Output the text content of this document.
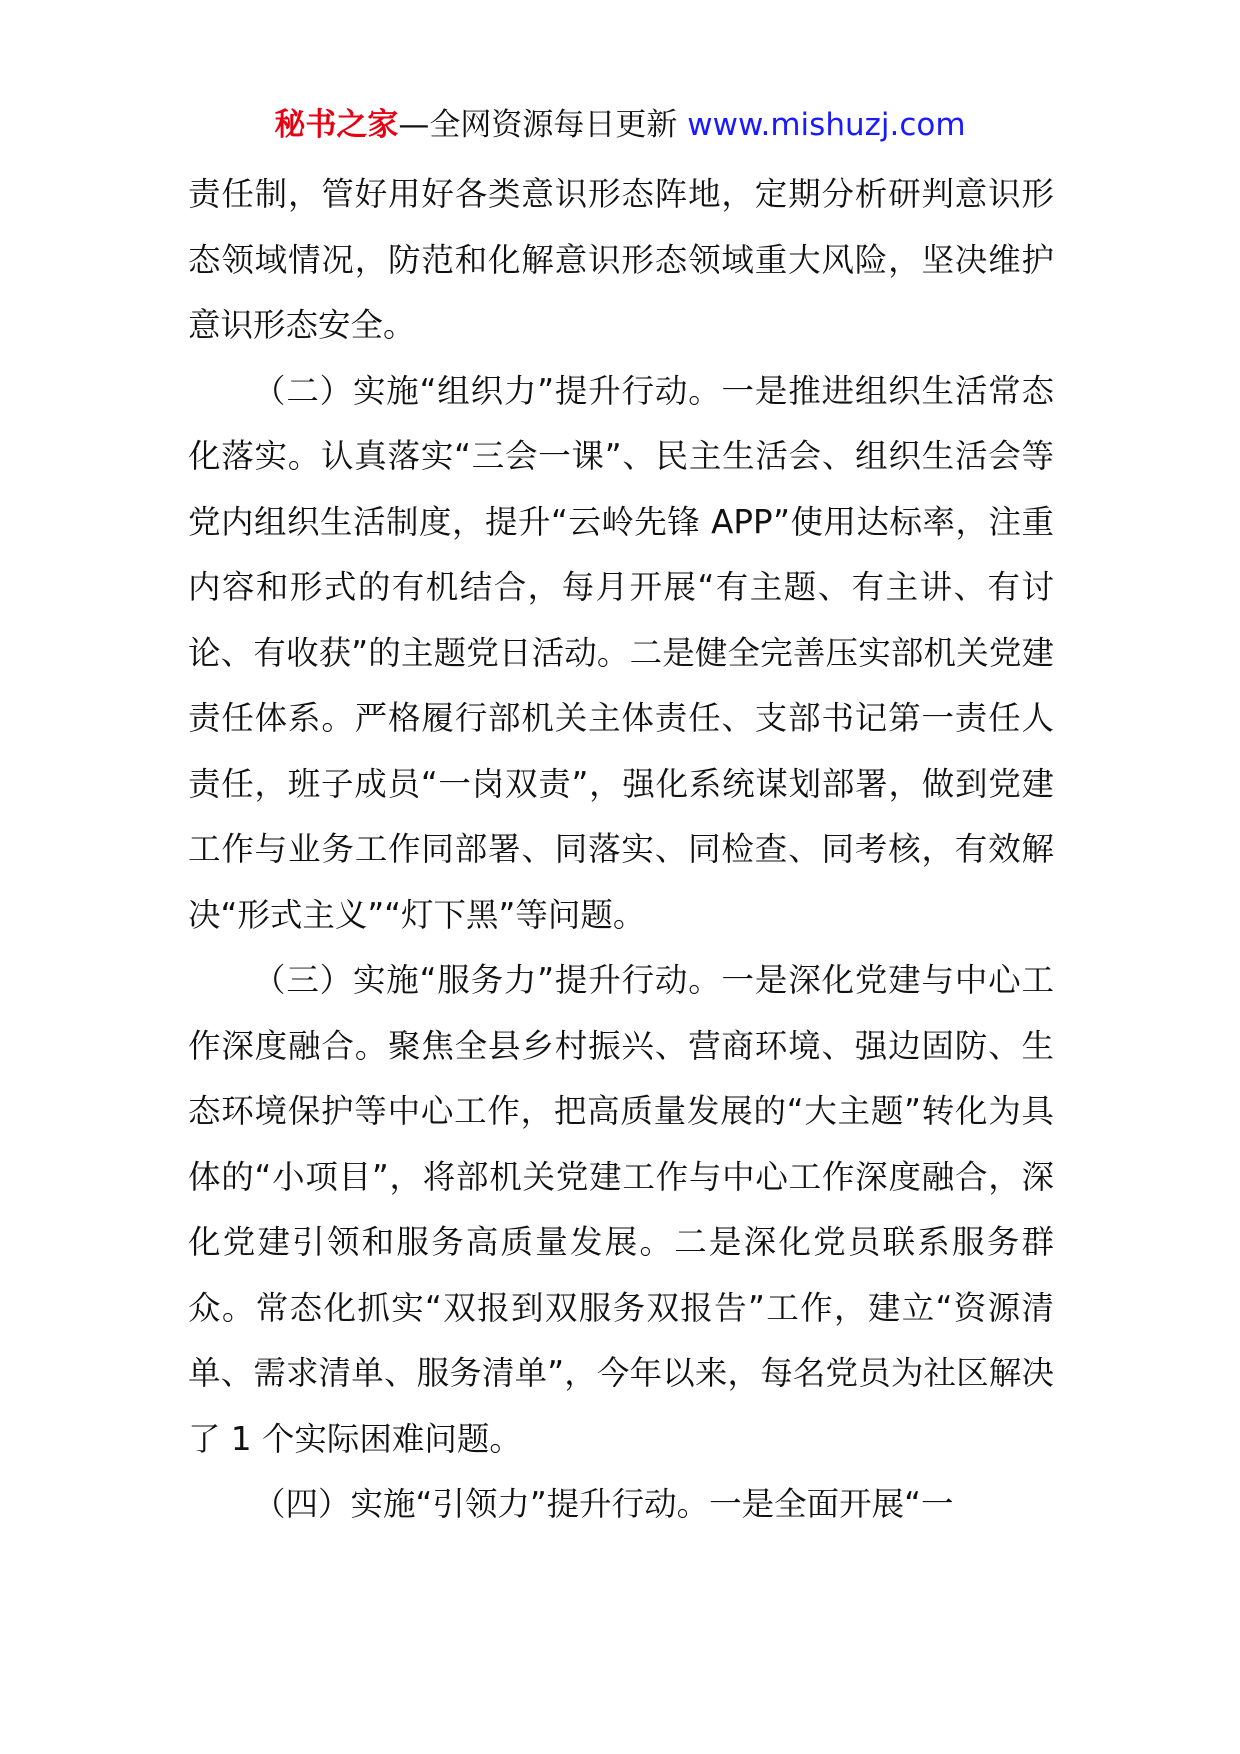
秘书之家—全网资源每日更新 www.mishuzj.com

责任制，管好用好各类意识形态阵地，定期分析研判意识形态领域情况，防范和化解意识形态领域重大风险，坚决维护意识形态安全。

（二）实施“组织力”提升行动。一是推进组织生活常态化落实。认真落实“三会一课”、民主生活会、组织生活会等党内组织生活制度，提升“云岭先锋 APP”使用达标率，注重内容和形式的有机结合，每月开展“有主题、有主讲、有讨论、有收获”的主题党日活动。二是健全完善压实部机关党建责任体系。严格履行部机关主体责任、支部书记第一责任人责任，班子成员“一岗双责”，强化系统谋划部署，做到党建工作与业务工作同部署、同落实、同检查、同考核，有效解决“形式主义”“灯下黑”等问题。

（三）实施“服务力”提升行动。一是深化党建与中心工作深度融合。聚焦全县乡村振兴、营商环境、强边固防、生态环境保护等中心工作，把高质量发展的“大主题”转化为具体的“小项目”，将部机关党建工作与中心工作深度融合，深化党建引领和服务高质量发展。二是深化党员联系服务群众。常态化抓实“双报到双服务双报告”工作，建立“资源清单、需求清单、服务清单”，今年以来，每名党员为社区解决了 1 个实际困难问题。

（四）实施“引领力”提升行动。一是全面开展“一
